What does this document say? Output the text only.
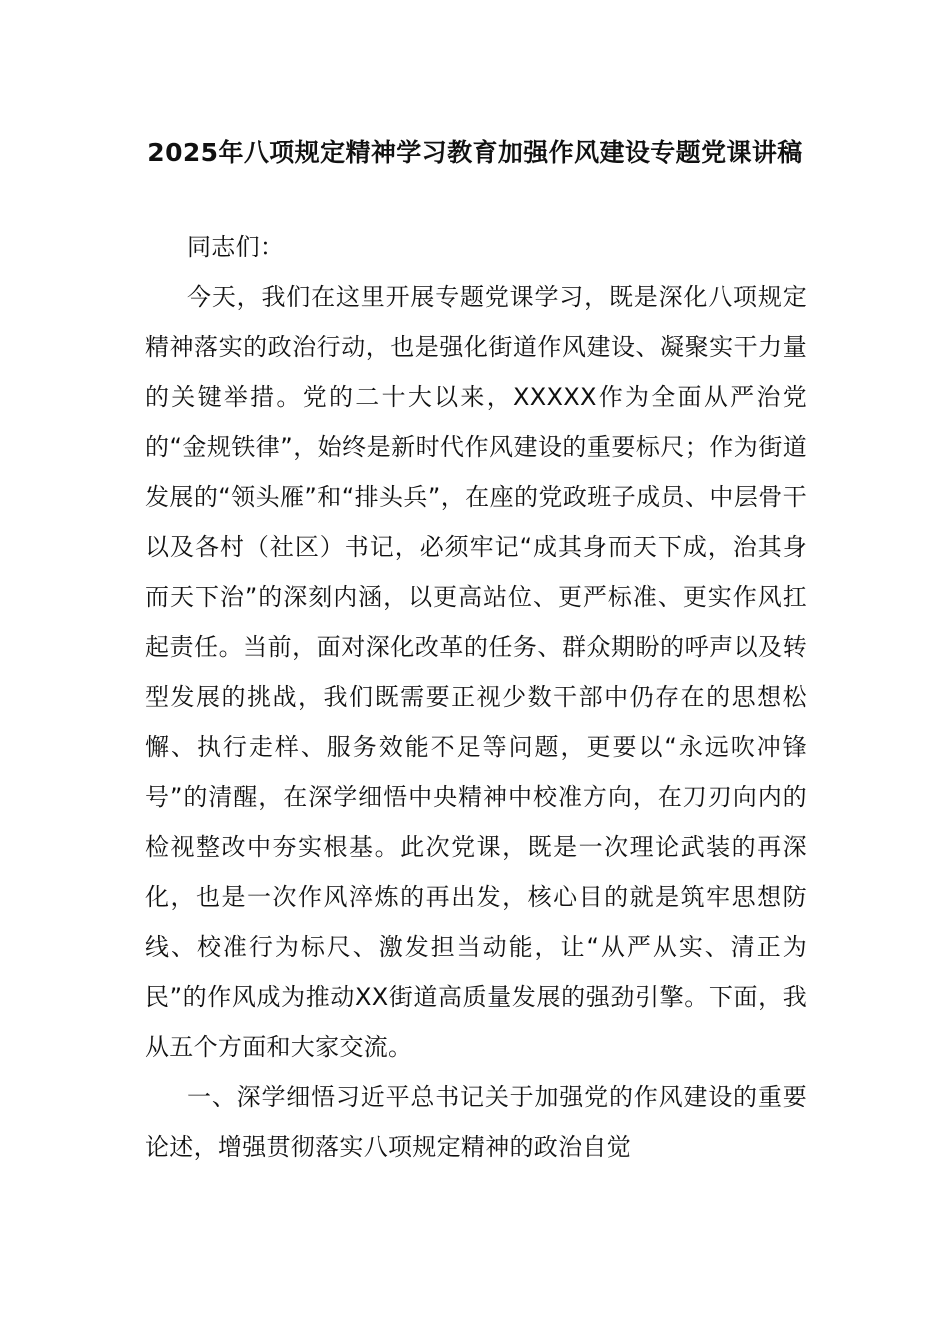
2025年八项规定精神学习教育加强作风建设专题党课讲稿

同志们：

今天，我们在这里开展专题党课学习，既是深化八项规定精神落实的政治行动，也是强化街道作风建设、凝聚实干力量的关键举措。党的二十大以来，XXXXX作为全面从严治党的“金规铁律”，始终是新时代作风建设的重要标尺；作为街道发展的“领头雁”和“排头兵”，在座的党政班子成员、中层骨干以及各村（社区）书记，必须牢记“成其身而天下成，治其身而天下治”的深刻内涵，以更高站位、更严标准、更实作风扛起责任。当前，面对深化改革的任务、群众期盼的呼声以及转型发展的挑战，我们既需要正视少数干部中仍存在的思想松懈、执行走样、服务效能不足等问题，更要以“永远吹冲锋号”的清醒，在深学细悟中央精神中校准方向，在刀刃向内的检视整改中夯实根基。此次党课，既是一次理论武装的再深化，也是一次作风淬炼的再出发，核心目的就是筑牢思想防线、校准行为标尺、激发担当动能，让“从严从实、清正为民”的作风成为推动XX街道高质量发展的强劲引擎。下面，我从五个方面和大家交流。

一、深学细悟习近平总书记关于加强党的作风建设的重要论述，增强贯彻落实八项规定精神的政治自觉
